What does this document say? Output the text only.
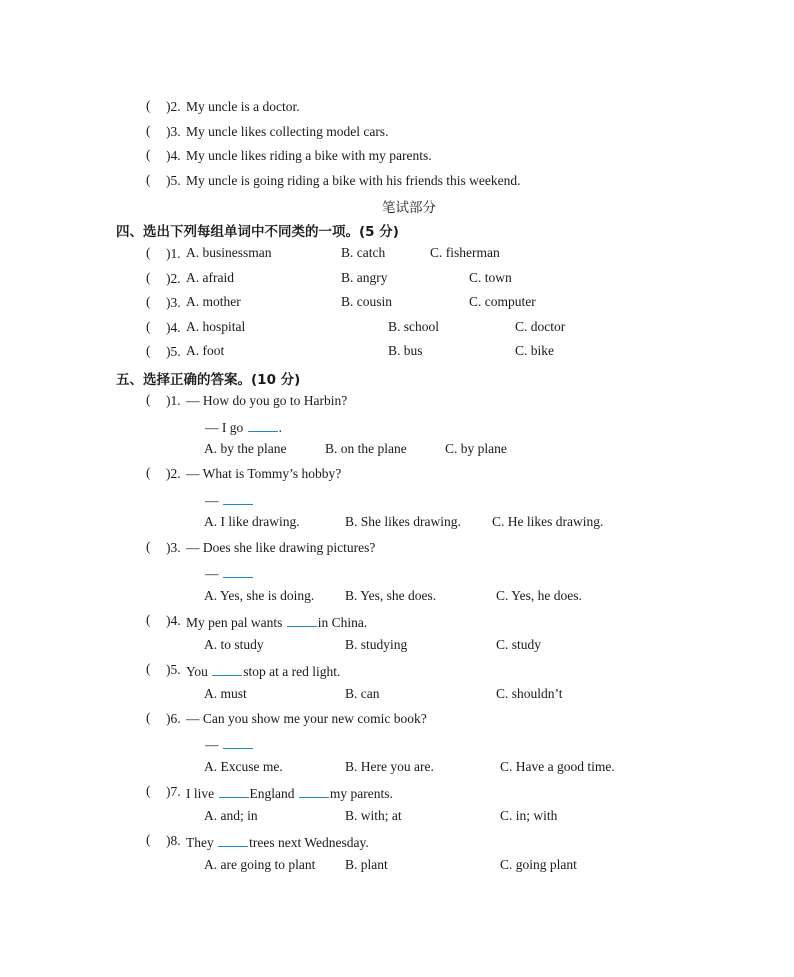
( )2. My uncle is a doctor.
( )3. My uncle likes collecting model cars.
( )4. My uncle likes riding a bike with my parents.
( )5. My uncle is going riding a bike with his friends this weekend.
笔试部分
四、选出下列每组单词中不同类的一项。(5 分)
( )1. A. businessman	B. catch	C. fisherman
( )2. A. afraid	B. angry	C. town
( )3. A. mother	B. cousin	C. computer
( )4. A. hospital	B. school	C. doctor
( )5. A. foot	B. bus	C. bike
五、选择正确的答案。(10 分)
( )1. — How do you go to Harbin?
— I go	.
A. by the plane	B. on the plane	C. by plane
( )2. — What is Tommy’s hobby?
—
A. I like drawing.	B. She likes drawing. C. He likes drawing.
( )3. — Does she like drawing pictures?
—
A. Yes, she is doing. B. Yes, she does.	C. Yes, he does.
( )4. My pen pal wants	in China.
A. to study	B. studying	C. study
( )5. You	stop at a red light.
A. must	B. can	C. shouldn’t
( )6. — Can you show me your new comic book?
—
A. Excuse me.	B. Here you are.	C. Have a good time.
( )7. I live	England	my parents.
A. and; in	B. with; at	C. in; with
( )8. They	trees next Wednesday.
A. are going to plant B. plant	C. going plant
